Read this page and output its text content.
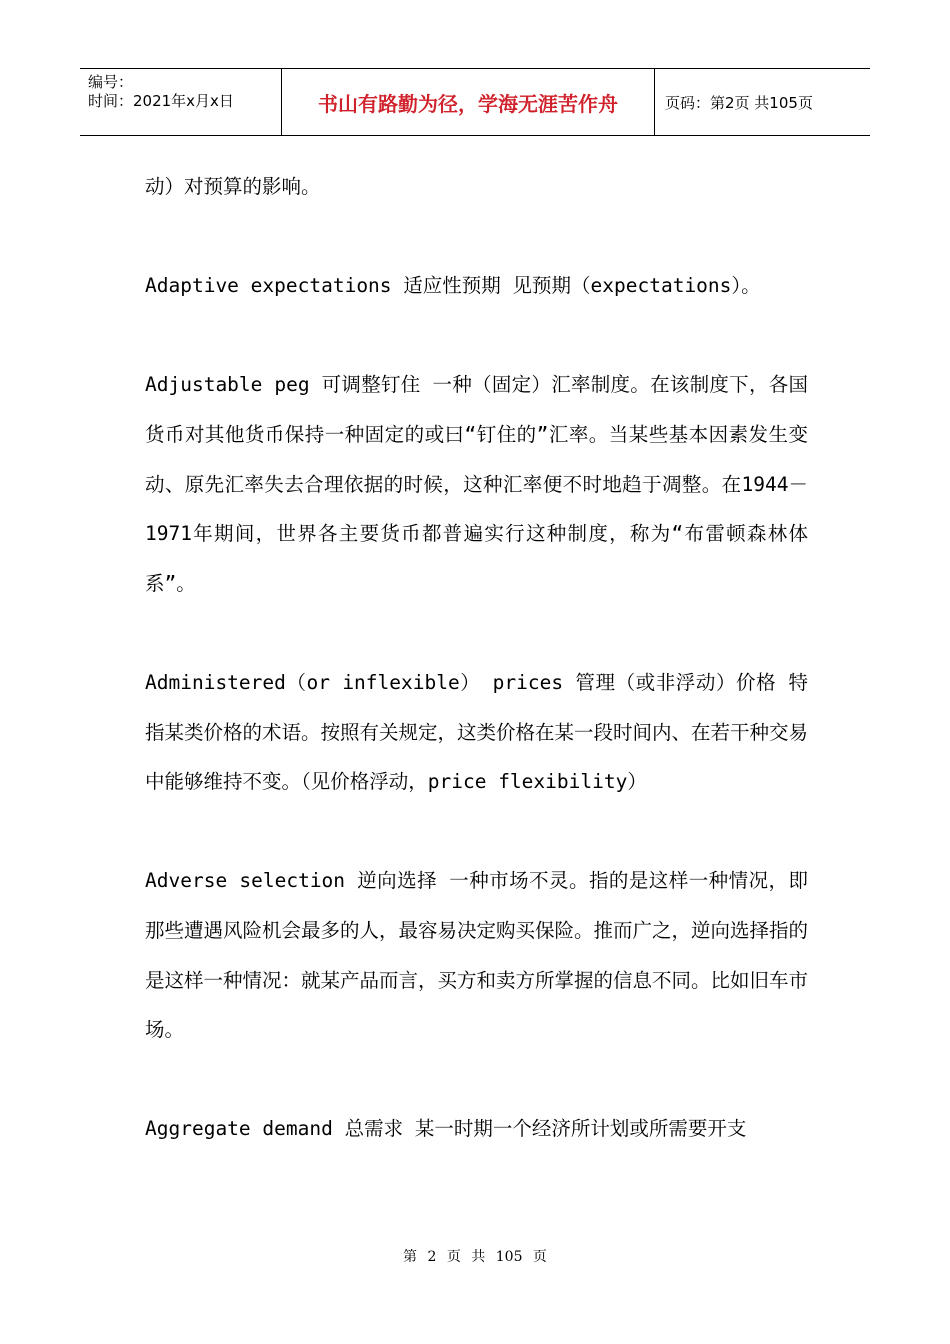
编号：
时间：2021年x月x日	书山有路勤为径，学海无涯苦作舟	页码：第2页 共105页

动）对预算的影响。

Adaptive expectations 适应性预期 见预期（expectations）。

Adjustable peg 可调整钉住 一种（固定）汇率制度。在该制度下，各国货币对其他货币保持一种固定的或曰“钉住的”汇率。当某些基本因素发生变动、原先汇率失去合理依据的时候，这种汇率便不时地趋于凋整。在1944－1971年期间，世界各主要货币都普遍实行这种制度，称为“布雷顿森林体系”。

Administered（or inflexible） prices 管理（或非浮动）价格 特指某类价格的术语。按照有关规定，这类价格在某一段时间内、在若干种交易中能够维持不变。（见价格浮动，price flexibility）

Adverse selection 逆向选择 一种市场不灵。指的是这样一种情况，即那些遭遇风险机会最多的人，最容易决定购买保险。推而广之，逆向选择指的是这样一种情况：就某产品而言，买方和卖方所掌握的信息不同。比如旧车市场。

Aggregate demand 总需求 某一时期一个经济所计划或所需要开支

第 2 页 共 105 页
